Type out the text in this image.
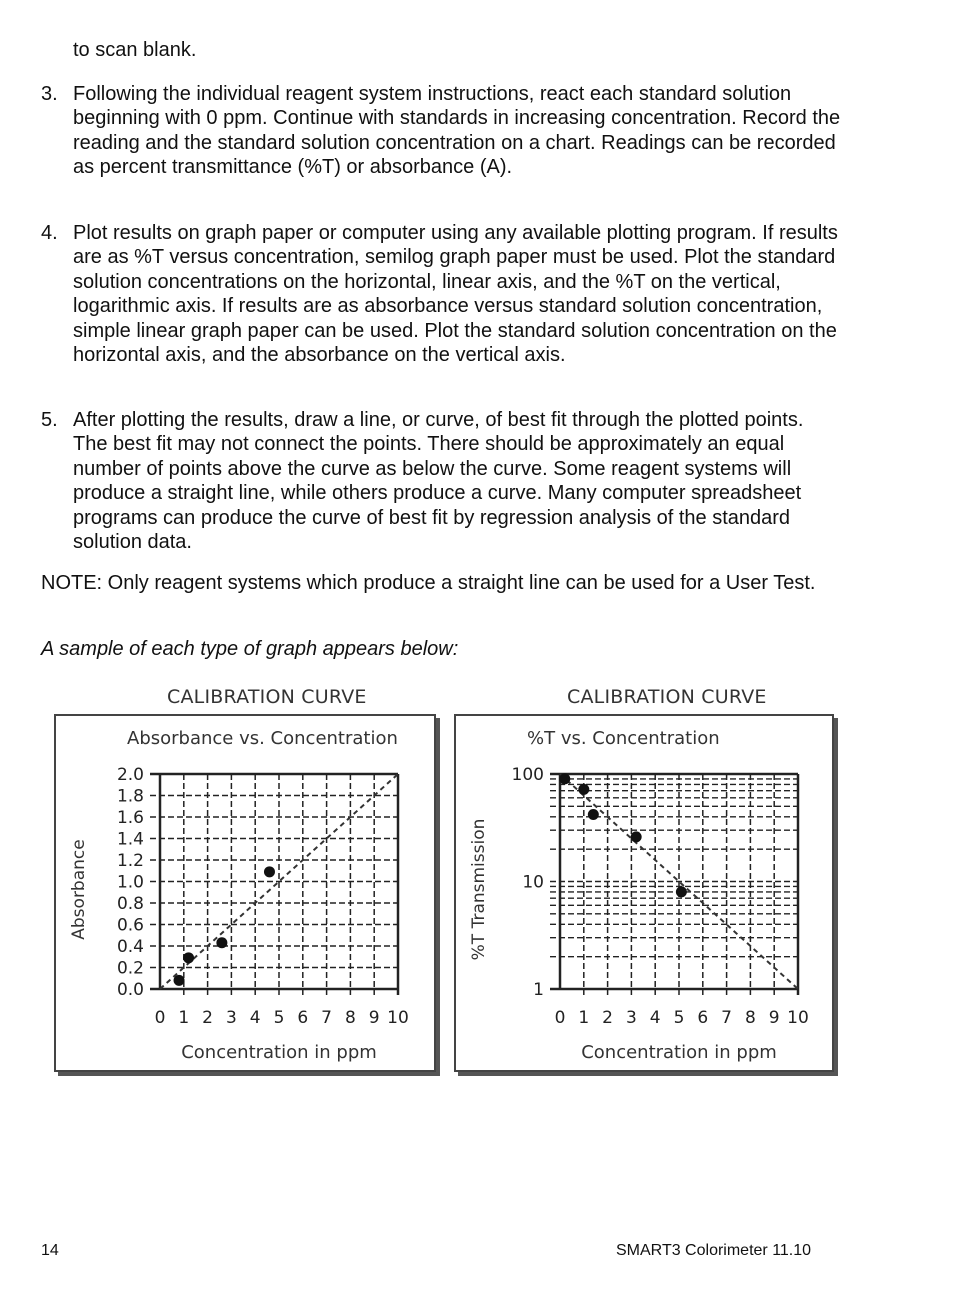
to scan blank.

3. Following the individual reagent system instructions, react each standard solution beginning with 0 ppm. Continue with standards in increasing concentration. Record the reading and the standard solution concentration on a chart. Readings can be recorded as percent transmittance (%T) or absorbance (A).

4. Plot results on graph paper or computer using any available plotting program. If results are as %T versus concentration, semilog graph paper must be used. Plot the standard solution concentrations on the horizontal, linear axis, and the %T on the vertical, logarithmic axis. If results are as absorbance versus standard solution concentration, simple linear graph paper can be used. Plot the standard solution concentration on the horizontal axis, and the absorbance on the vertical axis.

5. After plotting the results, draw a line, or curve, of best fit through the plotted points. The best fit may not connect the points. There should be approximately an equal number of points above the curve as below the curve. Some reagent systems will produce a straight line, while others produce a curve. Many computer spreadsheet programs can produce the curve of best fit by regression analysis of the standard solution data.

NOTE: Only reagent systems which produce a straight line can be used for a User Test.

A sample of each type of graph appears below:

CALIBRATION CURVE
Absorbance vs. Concentration
0.0
0.2
0.4
0.6
0.8
1.0
1.2
1.4
1.6
1.8
2.0
0 1 2 3 4 5 6 7 8 9 10
Concentration in ppm
Absorbance
CALIBRATION CURVE
%T vs. Concentration
1
10
100
0 1 2 3 4 5 6 7 8 9 10
Concentration in ppm
%T Transmission
14	SMART3 Colorimeter 11.10
